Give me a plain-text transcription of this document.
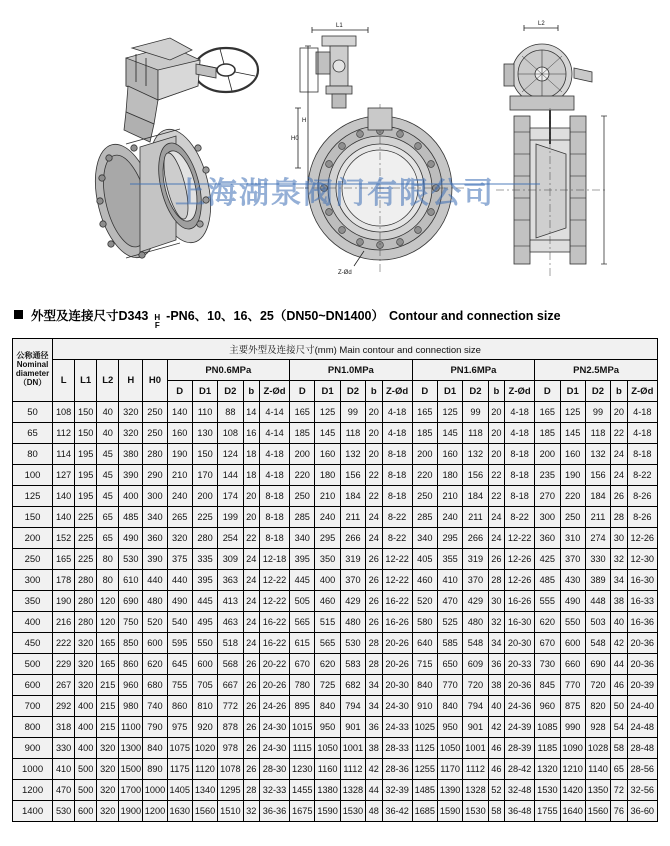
L1
H0
H
Z-Ød
L2
上海湖泉阀门有限公司
外型及连接尺寸D343 H
F
-PN6、10、16、25（DN50~DN1400） Contour and connection size
公称通径
Nominal
diameter
（DN）	主要外型及连接尺寸(mm) Main contour and connection size																								
	L	L1	L2	H	H0	PN0.6MPa					PN1.0MPa					PN1.6MPa					PN2.5MPa				
						D	D1	D2	b	Z-Ød	D	D1	D2	b	Z-Ød	D	D1	D2	b	Z-Ød	D	D1	D2	b	Z-Ød
50	108	150	40	320	250	140	110	88	14	4-14	165	125	99	20	4-18	165	125	99	20	4-18	165	125	99	20	4-18
65	112	150	40	320	250	160	130	108	16	4-14	185	145	118	20	4-18	185	145	118	20	4-18	185	145	118	22	4-18
80	114	195	45	380	280	190	150	124	18	4-18	200	160	132	20	8-18	200	160	132	20	8-18	200	160	132	24	8-18
100	127	195	45	390	290	210	170	144	18	4-18	220	180	156	22	8-18	220	180	156	22	8-18	235	190	156	24	8-22
125	140	195	45	400	300	240	200	174	20	8-18	250	210	184	22	8-18	250	210	184	22	8-18	270	220	184	26	8-26
150	140	225	65	485	340	265	225	199	20	8-18	285	240	211	24	8-22	285	240	211	24	8-22	300	250	211	28	8-26
200	152	225	65	490	360	320	280	254	22	8-18	340	295	266	24	8-22	340	295	266	24	12-22	360	310	274	30	12-26
250	165	225	80	530	390	375	335	309	24	12-18	395	350	319	26	12-22	405	355	319	26	12-26	425	370	330	32	12-30
300	178	280	80	610	440	440	395	363	24	12-22	445	400	370	26	12-22	460	410	370	28	12-26	485	430	389	34	16-30
350	190	280	120	690	480	490	445	413	24	12-22	505	460	429	26	16-22	520	470	429	30	16-26	555	490	448	38	16-33
400	216	280	120	750	520	540	495	463	24	16-22	565	515	480	26	16-26	580	525	480	32	16-30	620	550	503	40	16-36
450	222	320	165	850	600	595	550	518	24	16-22	615	565	530	28	20-26	640	585	548	34	20-30	670	600	548	42	20-36
500	229	320	165	860	620	645	600	568	26	20-22	670	620	583	28	20-26	715	650	609	36	20-33	730	660	690	44	20-36
600	267	320	215	960	680	755	705	667	26	20-26	780	725	682	34	20-30	840	770	720	38	20-36	845	770	720	46	20-39
700	292	400	215	980	740	860	810	772	26	24-26	895	840	794	34	24-30	910	840	794	40	24-36	960	875	820	50	24-40
800	318	400	215	1100	790	975	920	878	26	24-30	1015	950	901	36	24-33	1025	950	901	42	24-39	1085	990	928	54	24-48
900	330	400	320	1300	840	1075	1020	978	26	24-30	1115	1050	1001	38	28-33	1125	1050	1001	46	28-39	1185	1090	1028	58	28-48
1000	410	500	320	1500	890	1175	1120	1078	26	28-30	1230	1160	1112	42	28-36	1255	1170	1112	46	28-42	1320	1210	1140	65	28-56
1200	470	500	320	1700	1000	1405	1340	1295	28	32-33	1455	1380	1328	44	32-39	1485	1390	1328	52	32-48	1530	1420	1350	72	32-56
1400	530	600	320	1900	1200	1630	1560	1510	32	36-36	1675	1590	1530	48	36-42	1685	1590	1530	58	36-48	1755	1640	1560	76	36-60
